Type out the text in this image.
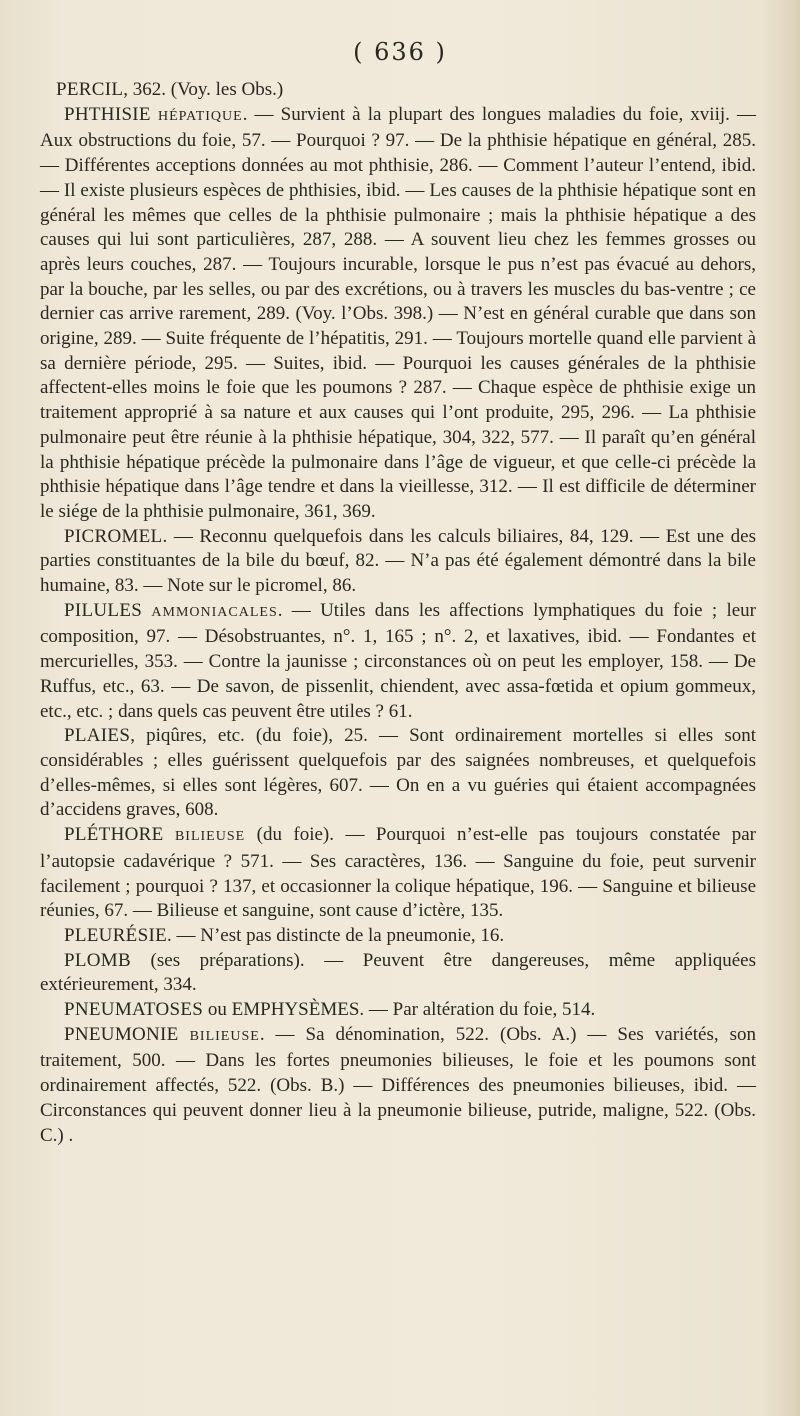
( 636 )

PERCIL, 362. (Voy. les Obs.)

PHTHISIE HÉPATIQUE. — Survient à la plupart des longues maladies du foie, xviij. — Aux obstructions du foie, 57. — Pourquoi ? 97. — De la phthisie hépatique en général, 285. — Différentes acceptions données au mot phthisie, 286. — Comment l’auteur l’entend, ibid. — Il existe plusieurs espèces de phthisies, ibid. — Les causes de la phthisie hépatique sont en général les mêmes que celles de la phthisie pulmonaire ; mais la phthisie hépatique a des causes qui lui sont particulières, 287, 288. — A souvent lieu chez les femmes grosses ou après leurs couches, 287. — Toujours incurable, lorsque le pus n’est pas évacué au dehors, par la bouche, par les selles, ou par des excrétions, ou à travers les muscles du bas-ventre ; ce dernier cas arrive rarement, 289. (Voy. l’Obs. 398.) — N’est en général curable que dans son origine, 289. — Suite fréquente de l’hépatitis, 291. — Toujours mortelle quand elle parvient à sa dernière période, 295. — Suites, ibid. — Pourquoi les causes générales de la phthisie affectent-elles moins le foie que les poumons ? 287. — Chaque espèce de phthisie exige un traitement approprié à sa nature et aux causes qui l’ont produite, 295, 296. — La phthisie pulmonaire peut être réunie à la phthisie hépatique, 304, 322, 577. — Il paraît qu’en général la phthisie hépatique précède la pulmonaire dans l’âge de vigueur, et que celle-ci précède la phthisie hépatique dans l’âge tendre et dans la vieillesse, 312. — Il est difficile de déterminer le siége de la phthisie pulmonaire, 361, 369.

PICROMEL. — Reconnu quelquefois dans les calculs biliaires, 84, 129. — Est une des parties constituantes de la bile du bœuf, 82. — N’a pas été également démontré dans la bile humaine, 83. — Note sur le picromel, 86.

PILULES AMMONIACALES. — Utiles dans les affections lymphatiques du foie ; leur composition, 97. — Désobstruantes, n°. 1, 165 ; n°. 2, et laxatives, ibid. — Fondantes et mercurielles, 353. — Contre la jaunisse ; circonstances où on peut les employer, 158. — De Ruffus, etc., 63. — De savon, de pissenlit, chiendent, avec assa-fœtida et opium gommeux, etc., etc. ; dans quels cas peuvent être utiles ? 61.

PLAIES, piqûres, etc. (du foie), 25. — Sont ordinairement mortelles si elles sont considérables ; elles guérissent quelquefois par des saignées nombreuses, et quelquefois d’elles-mêmes, si elles sont légères, 607. — On en a vu guéries qui étaient accompagnées d’accidens graves, 608.

PLÉTHORE BILIEUSE (du foie). — Pourquoi n’est-elle pas toujours constatée par l’autopsie cadavérique ? 571. — Ses caractères, 136. — Sanguine du foie, peut survenir facilement ; pourquoi ? 137, et occasionner la colique hépatique, 196. — Sanguine et bilieuse réunies, 67. — Bilieuse et sanguine, sont cause d’ictère, 135.

PLEURÉSIE. — N’est pas distincte de la pneumonie, 16.

PLOMB (ses préparations). — Peuvent être dangereuses, même appliquées extérieurement, 334.

PNEUMATOSES ou EMPHYSÈMES. — Par altération du foie, 514.

PNEUMONIE BILIEUSE. — Sa dénomination, 522. (Obs. A.) — Ses variétés, son traitement, 500. — Dans les fortes pneumonies bilieuses, le foie et les poumons sont ordinairement affectés, 522. (Obs. B.) — Différences des pneumonies bilieuses, ibid. — Circonstances qui peuvent donner lieu à la pneumonie bilieuse, putride, maligne, 522. (Obs. C.) .
